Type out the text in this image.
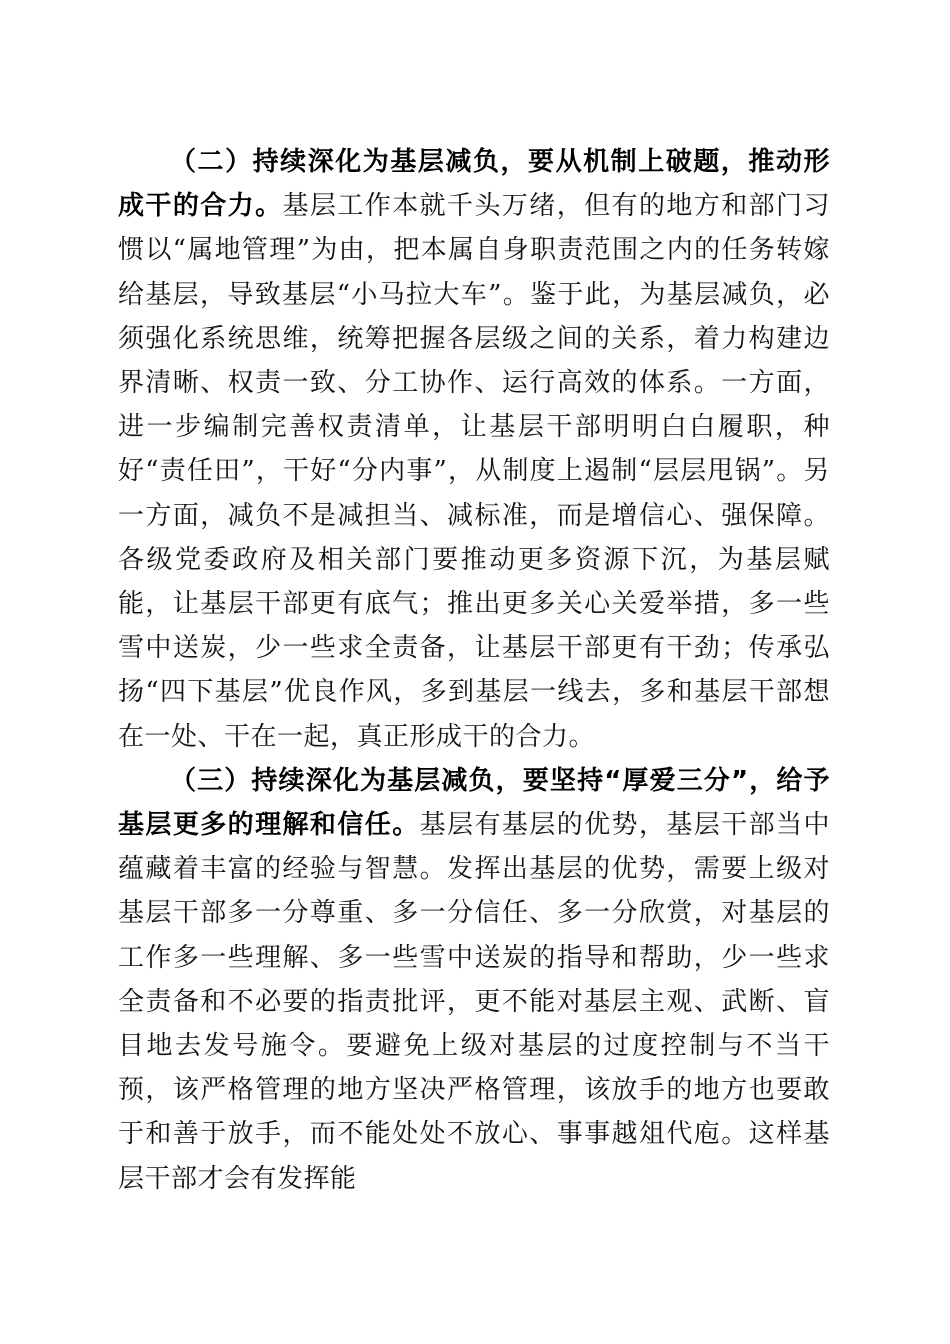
（二）持续深化为基层减负，要从机制上破题，推动形成干的合力。基层工作本就千头万绪，但有的地方和部门习惯以“属地管理”为由，把本属自身职责范围之内的任务转嫁给基层，导致基层“小马拉大车”。鉴于此，为基层减负，必须强化系统思维，统筹把握各层级之间的关系，着力构建边界清晰、权责一致、分工协作、运行高效的体系。一方面，进一步编制完善权责清单，让基层干部明明白白履职，种好“责任田”，干好“分内事”，从制度上遏制“层层甩锅”。另一方面，减负不是减担当、减标准，而是增信心、强保障。各级党委政府及相关部门要推动更多资源下沉，为基层赋能，让基层干部更有底气；推出更多关心关爱举措，多一些雪中送炭，少一些求全责备，让基层干部更有干劲；传承弘扬“四下基层”优良作风，多到基层一线去，多和基层干部想在一处、干在一起，真正形成干的合力。

（三）持续深化为基层减负，要坚持“厚爱三分”，给予基层更多的理解和信任。基层有基层的优势，基层干部当中蕴藏着丰富的经验与智慧。发挥出基层的优势，需要上级对基层干部多一分尊重、多一分信任、多一分欣赏，对基层的工作多一些理解、多一些雪中送炭的指导和帮助，少一些求全责备和不必要的指责批评，更不能对基层主观、武断、盲目地去发号施令。要避免上级对基层的过度控制与不当干预，该严格管理的地方坚决严格管理，该放手的地方也要敢于和善于放手，而不能处处不放心、事事越俎代庖。这样基层干部才会有发挥能
